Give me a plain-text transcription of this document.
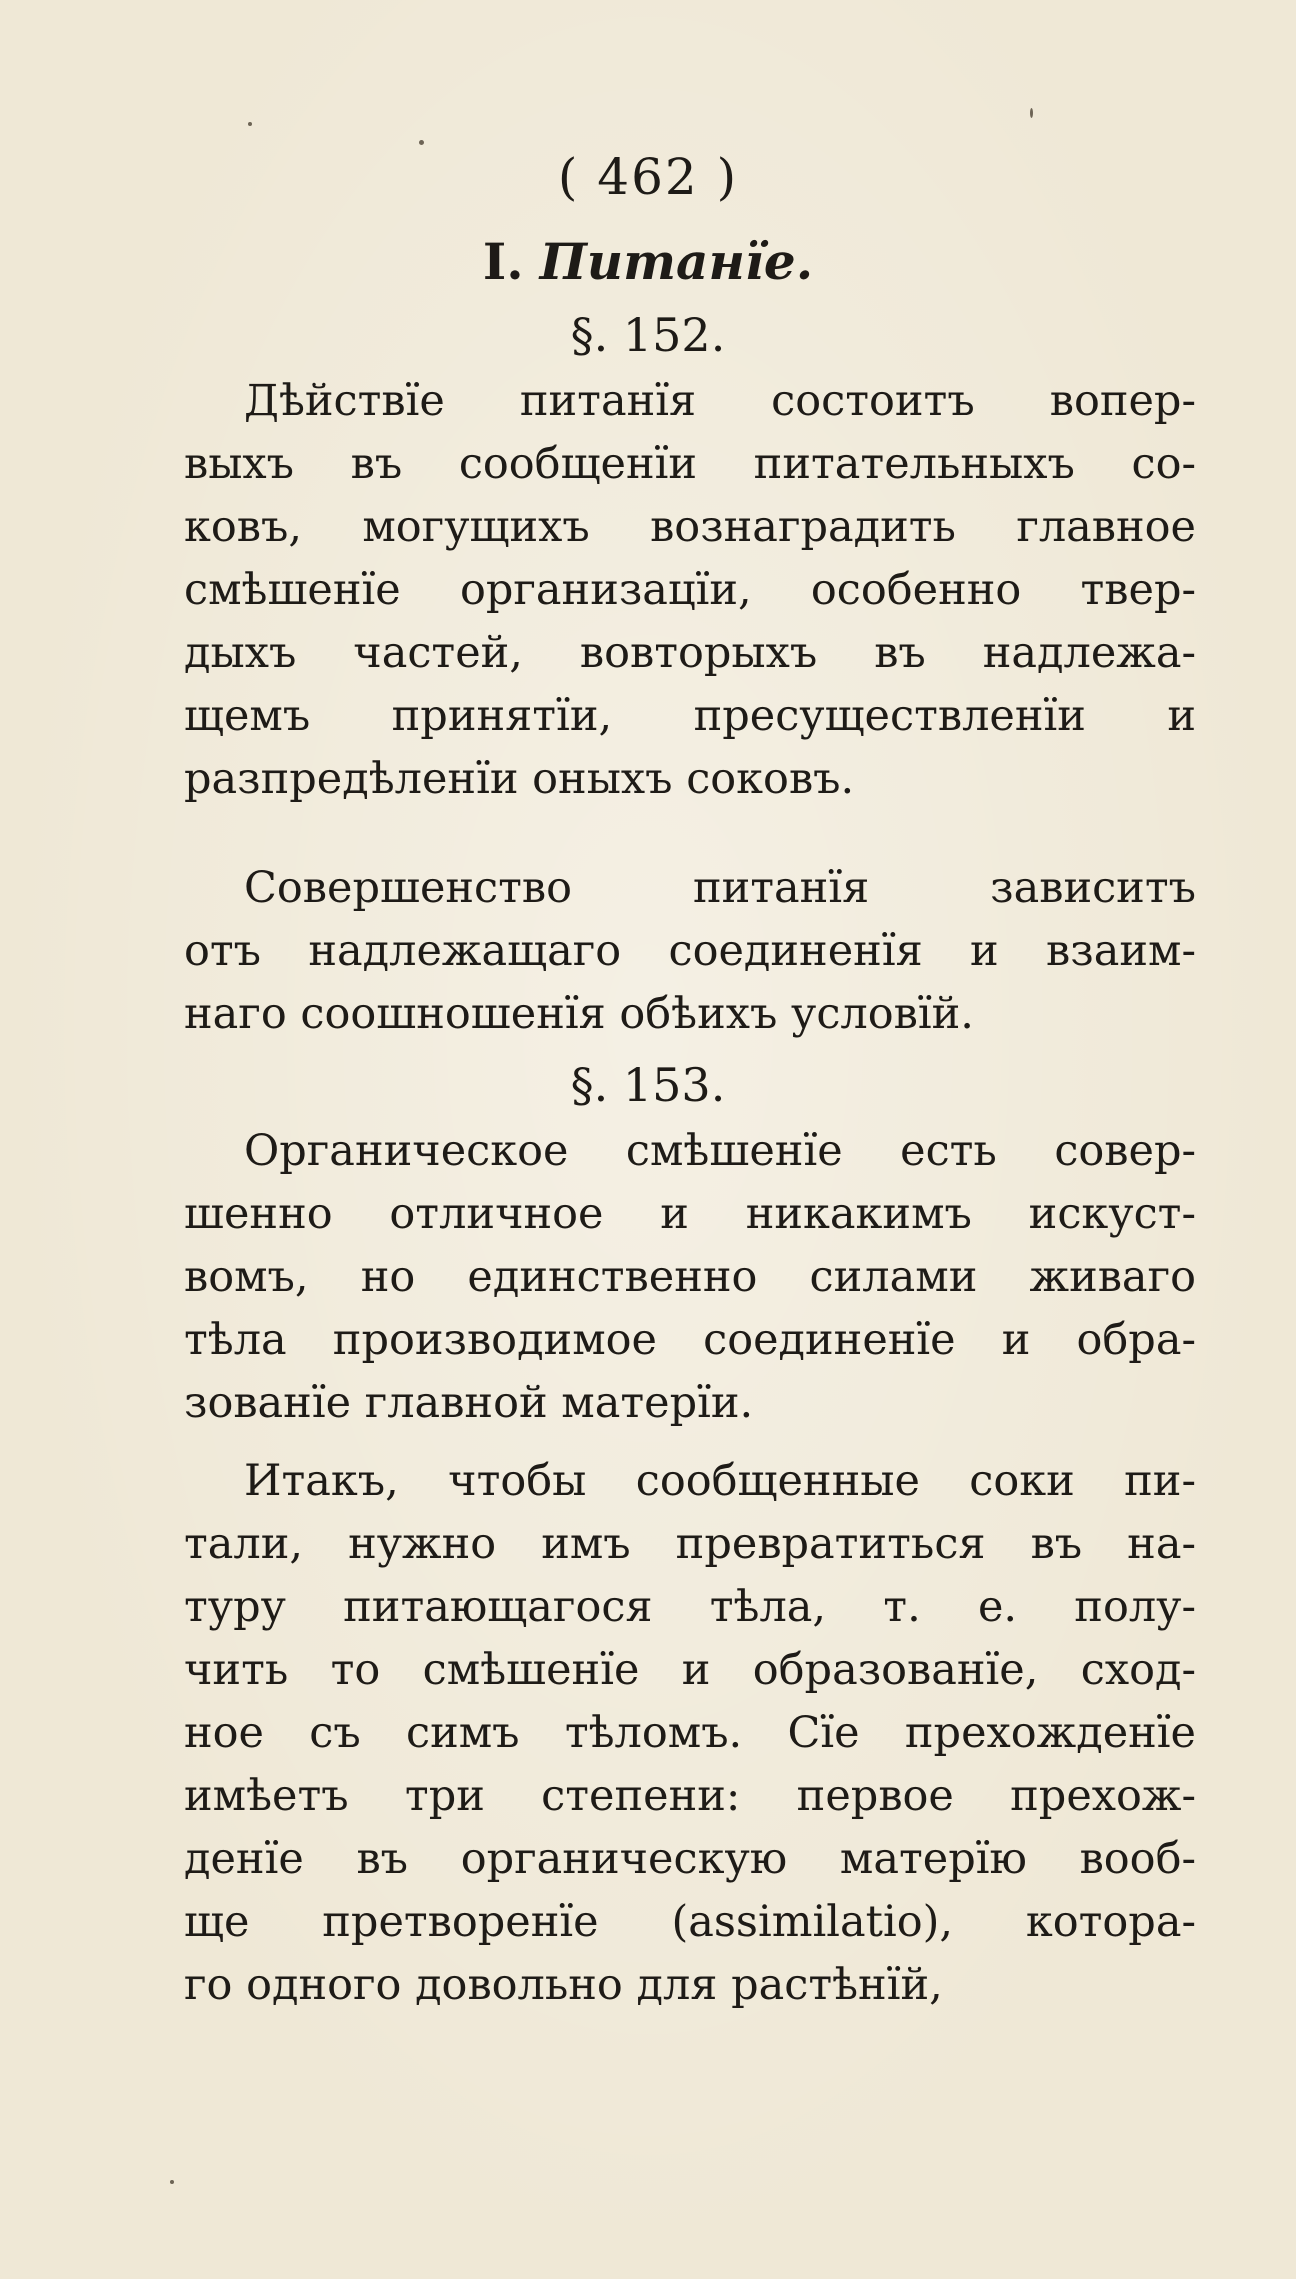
( 462 )
I. Питанїе.
§. 152.
Дѣйствїе питанїя состоитъ вопер-
выхъ въ сообщенїи питательныхъ со-
ковъ, могущихъ вознаградить главное
смѣшенїе организацїи, особенно твер-
дыхъ частей, вовторыхъ въ надлежа-
щемъ принятїи, пресуществленїи и
разпредѣленїи оныхъ соковъ.
Совершенство питанїя зависитъ
отъ надлежащаго соединенїя и взаим-
наго соошношенїя обѣихъ условїй.
§. 153.
Органическое смѣшенїе есть совер-
шенно отличное и никакимъ искуст-
вомъ, но единственно силами живаго
тѣла производимое соединенїе и обра-
зованїе главной матерїи.
Итакъ, чтобы сообщенные соки пи-
тали, нужно имъ превратиться въ на-
туру питающагося тѣла, т. е. полу-
чить то смѣшенїе и образованїе, сход-
ное съ симъ тѣломъ. Сїе прехожденїе
имѣетъ три степени: первое прехож-
денїе въ органическую матерїю вооб-
ще претворенїе (assimilatio), котора-
го одного довольно для растѣнїй,
